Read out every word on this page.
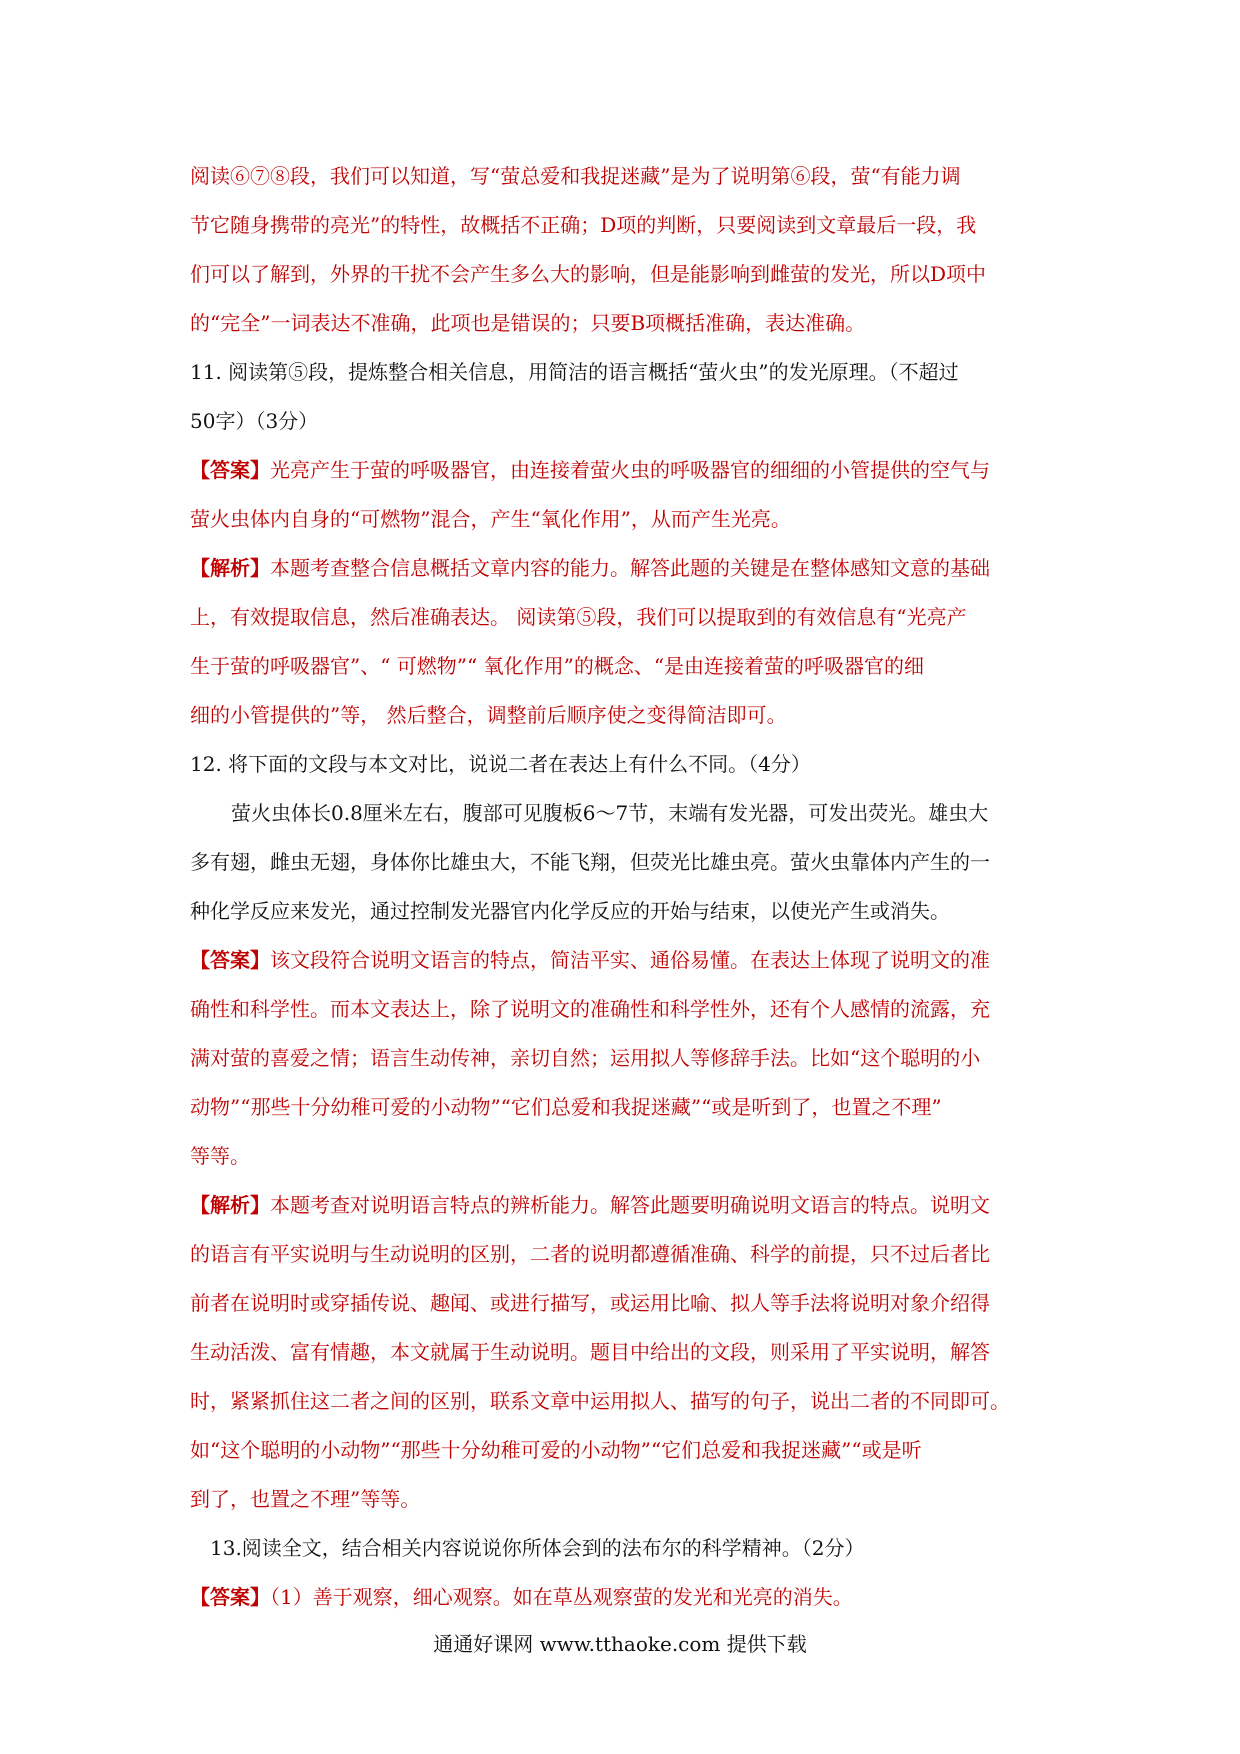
阅读⑥⑦⑧段，我们可以知道，写“萤总爱和我捉迷藏”是为了说明第⑥段，萤“有能力调
节它随身携带的亮光”的特性，故概括不正确；D项的判断，只要阅读到文章最后一段，我
们可以了解到，外界的干扰不会产生多么大的影响，但是能影响到雌萤的发光，所以D项中
的“完全”一词表达不准确，此项也是错误的；只要B项概括准确，表达准确。
11. 阅读第⑤段，提炼整合相关信息，用简洁的语言概括“萤火虫”的发光原理。（不超过
50字）（3分）
【答案】光亮产生于萤的呼吸器官，由连接着萤火虫的呼吸器官的细细的小管提供的空气与
萤火虫体内自身的“可燃物”混合，产生“氧化作用”，从而产生光亮。
【解析】本题考查整合信息概括文章内容的能力。解答此题的关键是在整体感知文意的基础
上，有效提取信息，然后准确表达。 阅读第⑤段，我们可以提取到的有效信息有“光亮产
生于萤的呼吸器官”、“ 可燃物”“ 氧化作用”的概念、“是由连接着萤的呼吸器官的细
细的小管提供的”等， 然后整合，调整前后顺序使之变得简洁即可。
12. 将下面的文段与本文对比，说说二者在表达上有什么不同。（4分）
萤火虫体长0.8厘米左右，腹部可见腹板6～7节，末端有发光器，可发出荧光。雄虫大
多有翅，雌虫无翅，身体你比雄虫大，不能飞翔，但荧光比雄虫亮。萤火虫靠体内产生的一
种化学反应来发光，通过控制发光器官内化学反应的开始与结束，以使光产生或消失。
【答案】该文段符合说明文语言的特点，简洁平实、通俗易懂。在表达上体现了说明文的准
确性和科学性。而本文表达上，除了说明文的准确性和科学性外，还有个人感情的流露，充
满对萤的喜爱之情；语言生动传神，亲切自然；运用拟人等修辞手法。比如“这个聪明的小
动物”“那些十分幼稚可爱的小动物”“它们总爱和我捉迷藏”“或是听到了，也置之不理”
等等。
【解析】本题考查对说明语言特点的辨析能力。解答此题要明确说明文语言的特点。说明文
的语言有平实说明与生动说明的区别，二者的说明都遵循准确、科学的前提，只不过后者比
前者在说明时或穿插传说、趣闻、或进行描写，或运用比喻、拟人等手法将说明对象介绍得
生动活泼、富有情趣，本文就属于生动说明。题目中给出的文段，则采用了平实说明，解答
时，紧紧抓住这二者之间的区别，联系文章中运用拟人、描写的句子，说出二者的不同即可。
如“这个聪明的小动物”“那些十分幼稚可爱的小动物”“它们总爱和我捉迷藏”“或是听
到了，也置之不理”等等。
13.阅读全文，结合相关内容说说你所体会到的法布尔的科学精神。（2分）
【答案】（1）善于观察，细心观察。如在草丛观察萤的发光和光亮的消失。
通通好课网 www.tthaoke.com 提供下载
